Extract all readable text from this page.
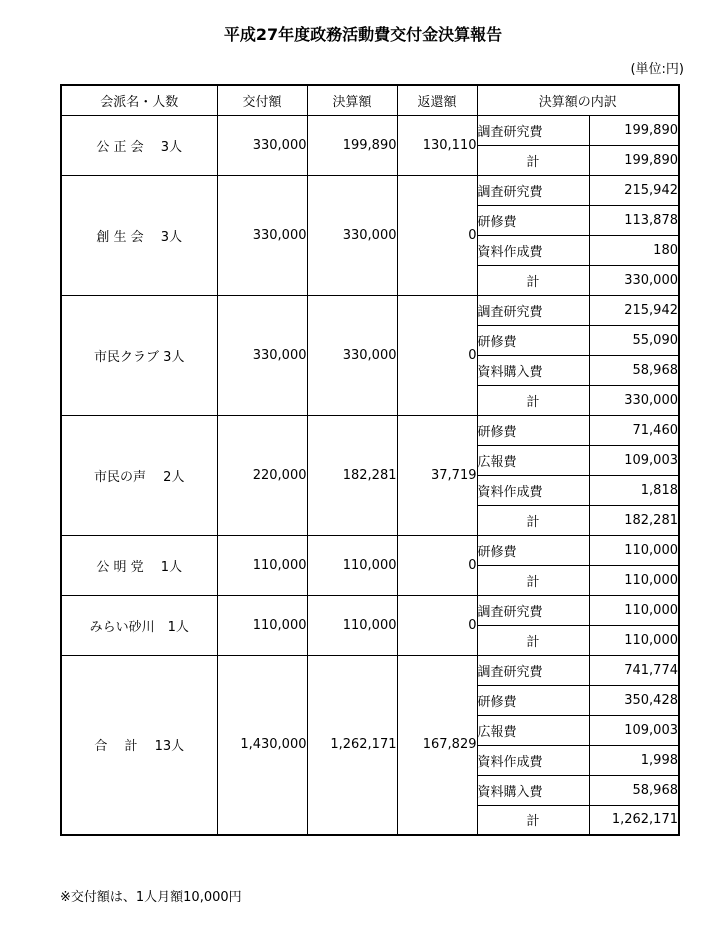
平成27年度政務活動費交付金決算報告
(単位:円)
会派名・人数	交付額	決算額	返還額	決算額の内訳	
公 正 会　 3人	330,000	199,890	130,110	調査研究費	199,890
				計	199,890
創 生 会　 3人	330,000	330,000	0	調査研究費	215,942
				研修費	113,878
				資料作成費	180
				計	330,000
市民クラブ 3人	330,000	330,000	0	調査研究費	215,942
				研修費	55,090
				資料購入費	58,968
				計	330,000
市民の声　 2人	220,000	182,281	37,719	研修費	71,460
				広報費	109,003
				資料作成費	1,818
				計	182,281
公 明 党　 1人	110,000	110,000	0	研修費	110,000
				計	110,000
みらい砂川　1人	110,000	110,000	0	調査研究費	110,000
				計	110,000
合　 計　 13人	1,430,000	1,262,171	167,829	調査研究費	741,774
				研修費	350,428
				広報費	109,003
				資料作成費	1,998
				資料購入費	58,968
				計	1,262,171
※交付額は、1人月額10,000円
